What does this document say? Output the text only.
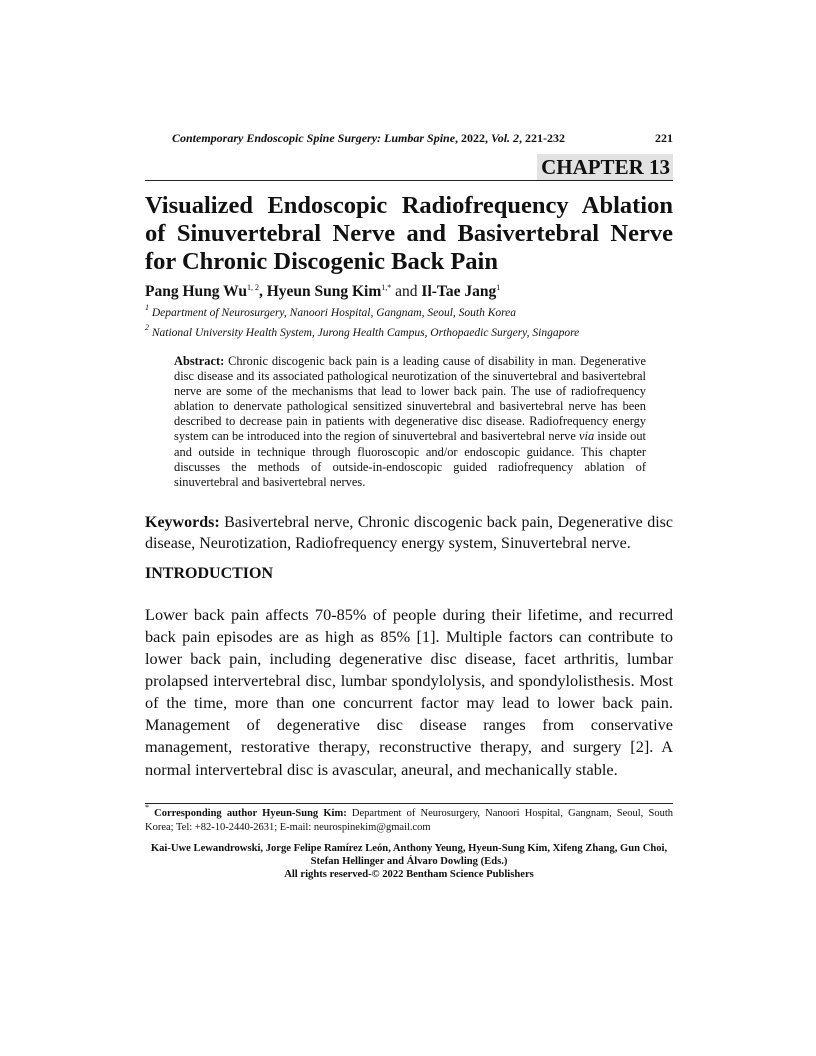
Contemporary Endoscopic Spine Surgery: Lumbar Spine, 2022, Vol. 2, 221-232	221
CHAPTER 13
Visualized Endoscopic Radiofrequency Ablation of Sinuvertebral Nerve and Basivertebral Nerve for Chronic Discogenic Back Pain
Pang Hung Wu$^{1, 2}$, Hyeun Sung Kim$^{1,*}$ and Il-Tae Jang$^1$
$^1$ Department of Neurosurgery, Nanoori Hospital, Gangnam, Seoul, South Korea
$^2$ National University Health System, Jurong Health Campus, Orthopaedic Surgery, Singapore
Abstract: Chronic discogenic back pain is a leading cause of disability in man. Degenerative disc disease and its associated pathological neurotization of the sinuvertebral and basivertebral nerve are some of the mechanisms that lead to lower back pain. The use of radiofrequency ablation to denervate pathological sensitized sinuvertebral and basivertebral nerve has been described to decrease pain in patients with degenerative disc disease. Radiofrequency energy system can be introduced into the region of sinuvertebral and basivertebral nerve via inside out and outside in technique through fluoroscopic and/or endoscopic guidance. This chapter discusses the methods of outside-in-endoscopic guided radiofrequency ablation of sinuvertebral and basivertebral nerves.
Keywords: Basivertebral nerve, Chronic discogenic back pain, Degenerative disc disease, Neurotization, Radiofrequency energy system, Sinuvertebral nerve.
INTRODUCTION
Lower back pain affects 70-85% of people during their lifetime, and recurred back pain episodes are as high as 85% [1]. Multiple factors can contribute to lower back pain, including degenerative disc disease, facet arthritis, lumbar prolapsed intervertebral disc, lumbar spondylolysis, and spondylolisthesis. Most of the time, more than one concurrent factor may lead to lower back pain. Management of degenerative disc disease ranges from conservative management, restorative therapy, reconstructive therapy, and surgery [2]. A normal intervertebral disc is avascular, aneural, and mechanically stable.
* Corresponding author Hyeun-Sung Kim: Department of Neurosurgery, Nanoori Hospital, Gangnam, Seoul, South Korea; Tel: +82-10-2440-2631; E-mail: neurospinekim@gmail.com
Kai-Uwe Lewandrowski, Jorge Felipe Ramírez León, Anthony Yeung, Hyeun-Sung Kim, Xifeng Zhang, Gun Choi, Stefan Hellinger and Álvaro Dowling (Eds.)
All rights reserved-© 2022 Bentham Science Publishers
